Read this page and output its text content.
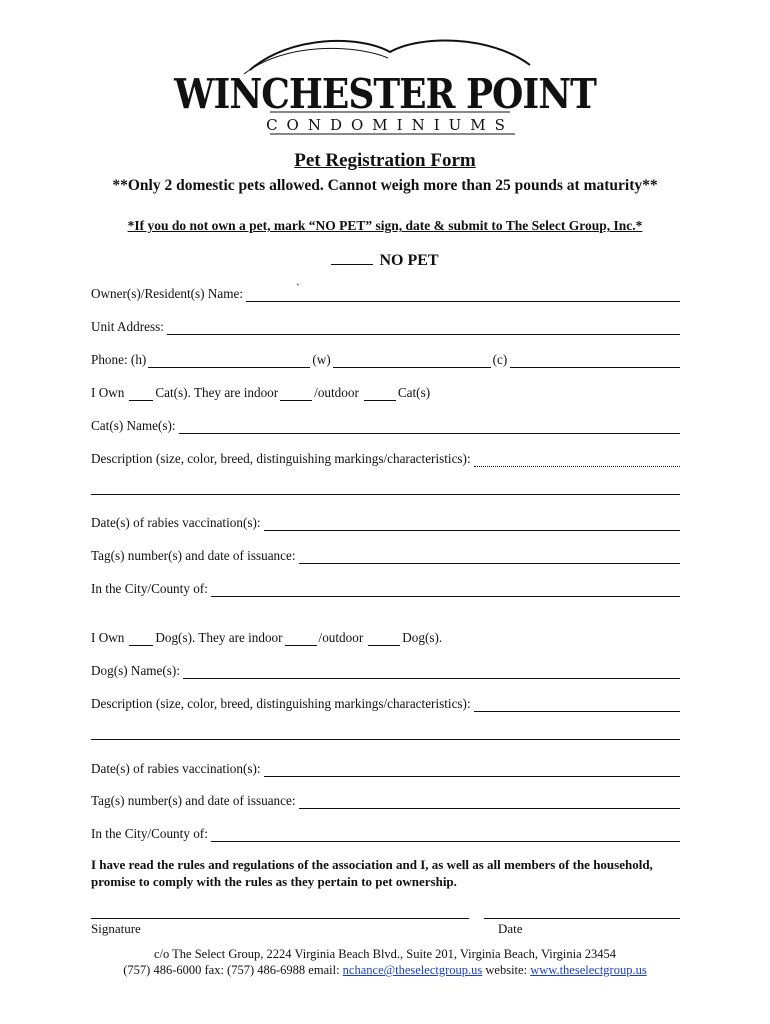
WINCHESTER POINT
CONDOMINIUMS
Pet Registration Form
**Only 2 domestic pets allowed. Cannot weigh more than 25 pounds at maturity**
*If you do not own a pet, mark “NO PET” sign, date & submit to The Select Group, Inc.*
NO PET
Owner(s)/Resident(s) Name:	`
Unit Address:
Phone: (h)	(w)	(c)
I Own Cat(s). They are indoor	/outdoor	Cat(s)
Cat(s) Name(s):
Description (size, color, breed, distinguishing markings/characteristics):
Date(s) of rabies vaccination(s):
Tag(s) number(s) and date of issuance:
In the City/County of:
I Own Dog(s). They are indoor	/outdoor	Dog(s).
Dog(s) Name(s):
Description (size, color, breed, distinguishing markings/characteristics):
Date(s) of rabies vaccination(s):
Tag(s) number(s) and date of issuance:
In the City/County of:
I have read the rules and regulations of the association and I, as well as all members of the household, promise to comply with the rules as they pertain to pet ownership.
Signature	Date
c/o The Select Group, 2224 Virginia Beach Blvd., Suite 201, Virginia Beach, Virginia 23454
(757) 486-6000 fax: (757) 486-6988 email: nchance@theselectgroup.us website: www.theselectgroup.us
